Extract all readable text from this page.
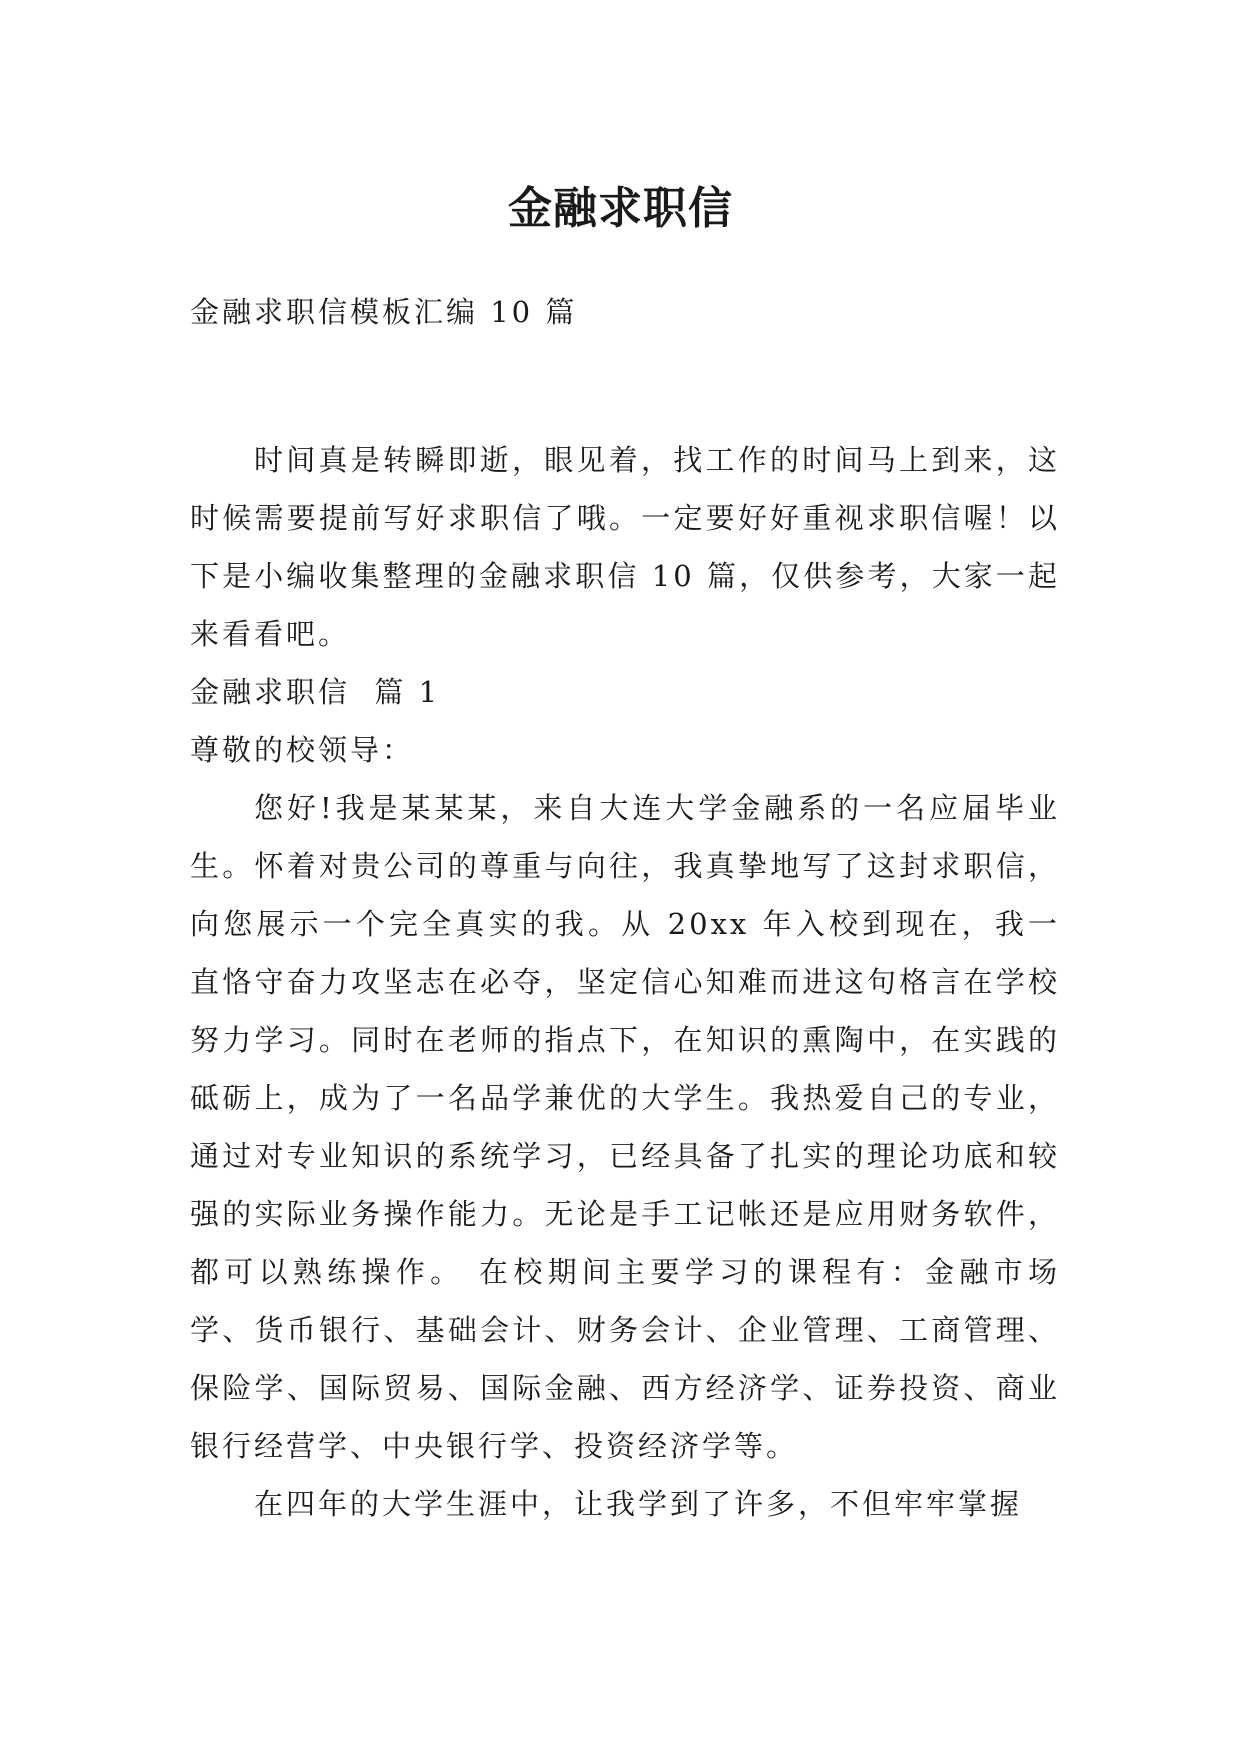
金融求职信

金融求职信模板汇编 10 篇

时间真是转瞬即逝，眼见着，找工作的时间马上到来，这时候需要提前写好求职信了哦。一定要好好重视求职信喔！以下是小编收集整理的金融求职信 10 篇，仅供参考，大家一起来看看吧。

金融求职信  篇 1

尊敬的校领导：

您好!我是某某某，来自大连大学金融系的一名应届毕业生。怀着对贵公司的尊重与向往，我真挚地写了这封求职信，向您展示一个完全真实的我。从 20xx 年入校到现在，我一直恪守奋力攻坚志在必夺，坚定信心知难而进这句格言在学校努力学习。同时在老师的指点下，在知识的熏陶中，在实践的砥砺上，成为了一名品学兼优的大学生。我热爱自己的专业，通过对专业知识的系统学习，已经具备了扎实的理论功底和较强的实际业务操作能力。无论是手工记帐还是应用财务软件，都可以熟练操作。 在校期间主要学习的课程有：金融市场学、货币银行、基础会计、财务会计、企业管理、工商管理、保险学、国际贸易、国际金融、西方经济学、证券投资、商业银行经营学、中央银行学、投资经济学等。

在四年的大学生涯中，让我学到了许多，不但牢牢掌握
